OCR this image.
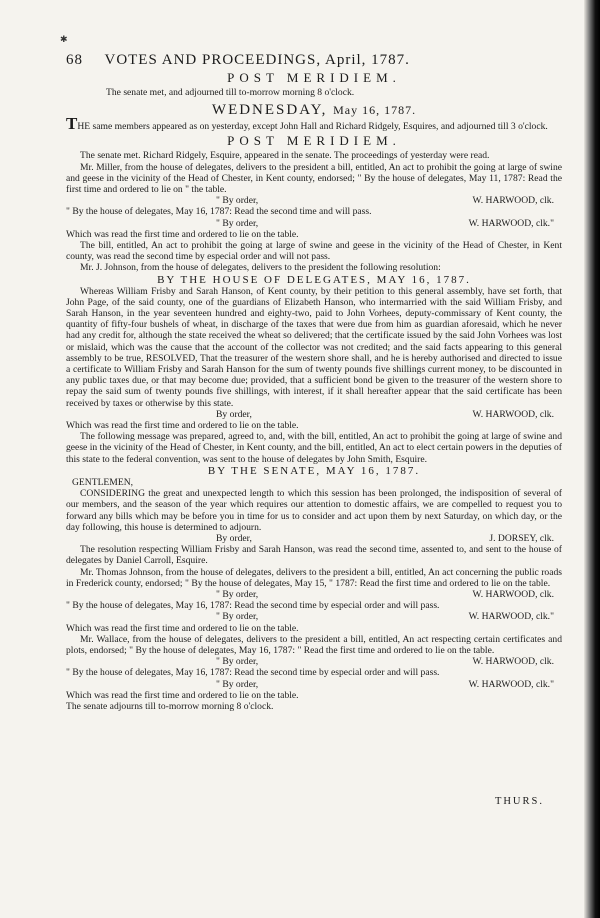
✱
68 VOTES AND PROCEEDINGS, April, 1787.
POST MERIDIEM.

The senate met, and adjourned till to-morrow morning 8 o'clock.

WEDNESDAY, May 16, 1787.

THE same members appeared as on yesterday, except John Hall and Richard Ridgely, Esquires, and adjourned till 3 o'clock.

POST MERIDIEM.

The senate met. Richard Ridgely, Esquire, appeared in the senate. The proceedings of yesterday were read.

Mr. Miller, from the house of delegates, delivers to the president a bill, entitled, An act to prohibit the going at large of swine and geese in the vicinity of the Head of Chester, in Kent county, endorsed; " By the house of delegates, May 11, 1787: Read the first time and ordered to lie on " the table.

" By order,	W. HARWOOD, clk.
" By the house of delegates, May 16, 1787: Read the second time and will pass.
" By order,	W. HARWOOD, clk."

Which was read the first time and ordered to lie on the table.

The bill, entitled, An act to prohibit the going at large of swine and geese in the vicinity of the Head of Chester, in Kent county, was read the second time by especial order and will not pass.

Mr. J. Johnson, from the house of delegates, delivers to the president the following resolution:

BY THE HOUSE OF DELEGATES, MAY 16, 1787.

Whereas William Frisby and Sarah Hanson, of Kent county, by their petition to this general assembly, have set forth, that John Page, of the said county, one of the guardians of Elizabeth Hanson, who intermarried with the said William Frisby, and Sarah Hanson, in the year seventeen hundred and eighty-two, paid to John Vorhees, deputy-commissary of Kent county, the quantity of fifty-four bushels of wheat, in discharge of the taxes that were due from him as guardian aforesaid, which he never had any credit for, although the state received the wheat so delivered; that the certificate issued by the said John Vorhees was lost or mislaid, which was the cause that the account of the collector was not credited; and the said facts appearing to this general assembly to be true, RESOLVED, That the treasurer of the western shore shall, and he is hereby authorised and directed to issue a certificate to William Frisby and Sarah Hanson for the sum of twenty pounds five shillings current money, to be discounted in any public taxes due, or that may become due; provided, that a sufficient bond be given to the treasurer of the western shore to repay the said sum of twenty pounds five shillings, with interest, if it shall hereafter appear that the said certificate has been received by taxes or otherwise by this state.

By order,	W. HARWOOD, clk.

Which was read the first time and ordered to lie on the table.

The following message was prepared, agreed to, and, with the bill, entitled, An act to prohibit the going at large of swine and geese in the vicinity of the Head of Chester, in Kent county, and the bill, entitled, An act to elect certain powers in the deputies of this state to the federal convention, was sent to the house of delegates by John Smith, Esquire.

BY THE SENATE, MAY 16, 1787.
GENTLEMEN,

CONSIDERING the great and unexpected length to which this session has been prolonged, the indisposition of several of our members, and the season of the year which requires our attention to domestic affairs, we are compelled to request you to forward any bills which may be before you in time for us to consider and act upon them by next Saturday, on which day, or the day following, this house is determined to adjourn.

By order,	J. DORSEY, clk.

The resolution respecting William Frisby and Sarah Hanson, was read the second time, assented to, and sent to the house of delegates by Daniel Carroll, Esquire.

Mr. Thomas Johnson, from the house of delegates, delivers to the president a bill, entitled, An act concerning the public roads in Frederick county, endorsed; " By the house of delegates, May 15, " 1787: Read the first time and ordered to lie on the table.

" By order,	W. HARWOOD, clk.
" By the house of delegates, May 16, 1787: Read the second time by especial order and will pass.
" By order,	W. HARWOOD, clk."

Which was read the first time and ordered to lie on the table.

Mr. Wallace, from the house of delegates, delivers to the president a bill, entitled, An act respecting certain certificates and plots, endorsed; " By the house of delegates, May 16, 1787: " Read the first time and ordered to lie on the table.

" By order,	W. HARWOOD, clk.
" By the house of delegates, May 16, 1787: Read the second time by especial order and will pass.
" By order,	W. HARWOOD, clk."

Which was read the first time and ordered to lie on the table.

The senate adjourns till to-morrow morning 8 o'clock.
THURS.
